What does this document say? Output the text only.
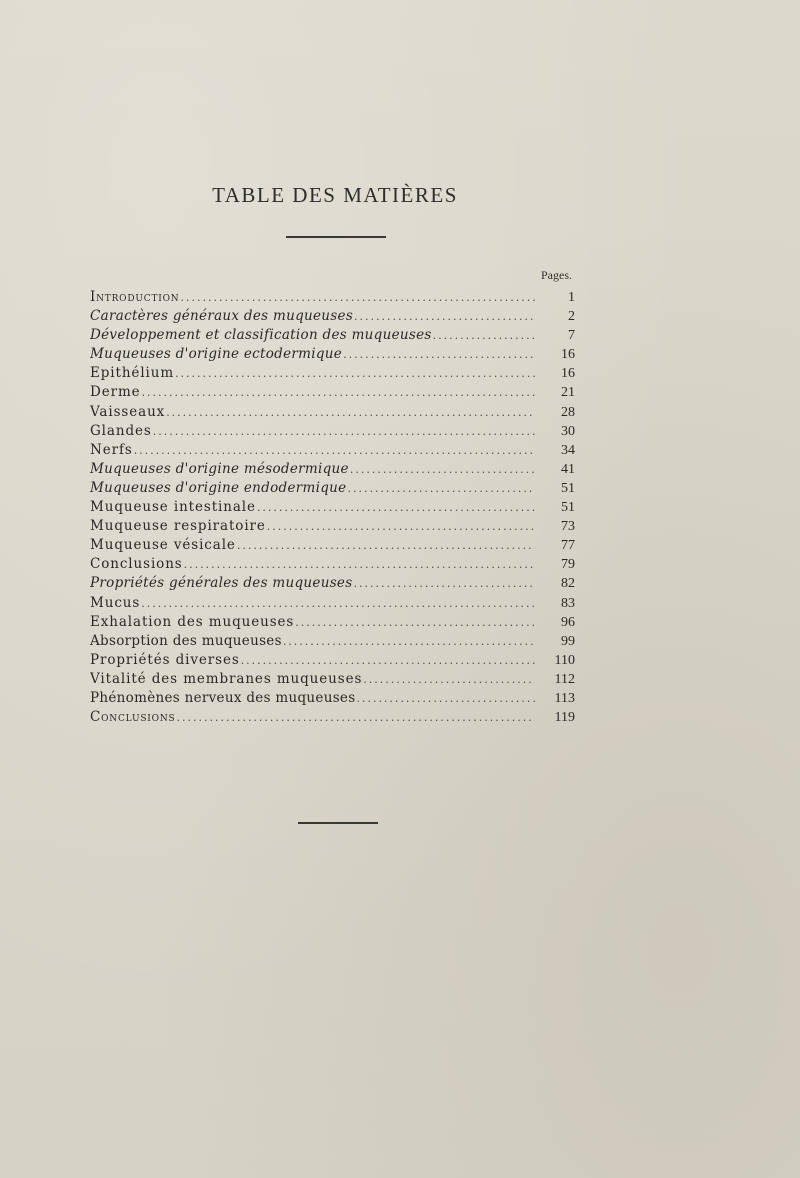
TABLE DES MATIÈRES
Pages.
Introduction .....	1
Caractères généraux des muqueuses .....	2
Développement et classification des muqueuses .....	7
Muqueuses d'origine ectodermique .....	16
Epithélium .....	16
Derme .....	21
Vaisseaux .....	28
Glandes .....	30
Nerfs .....	34
Muqueuses d'origine mésodermique .....	41
Muqueuses d'origine endodermique .....	51
Muqueuse intestinale .....	51
Muqueuse respiratoire .....	73
Muqueuse vésicale .....	77
Conclusions .....	79
Propriétés générales des muqueuses .....	82
Mucus .....	83
Exhalation des muqueuses .....	96
Absorption des muqueuses .....	99
Propriétés diverses .....	110
Vitalité des membranes muqueuses .....	112
Phénomènes nerveux des muqueuses .....	113
Conclusions .....	119
